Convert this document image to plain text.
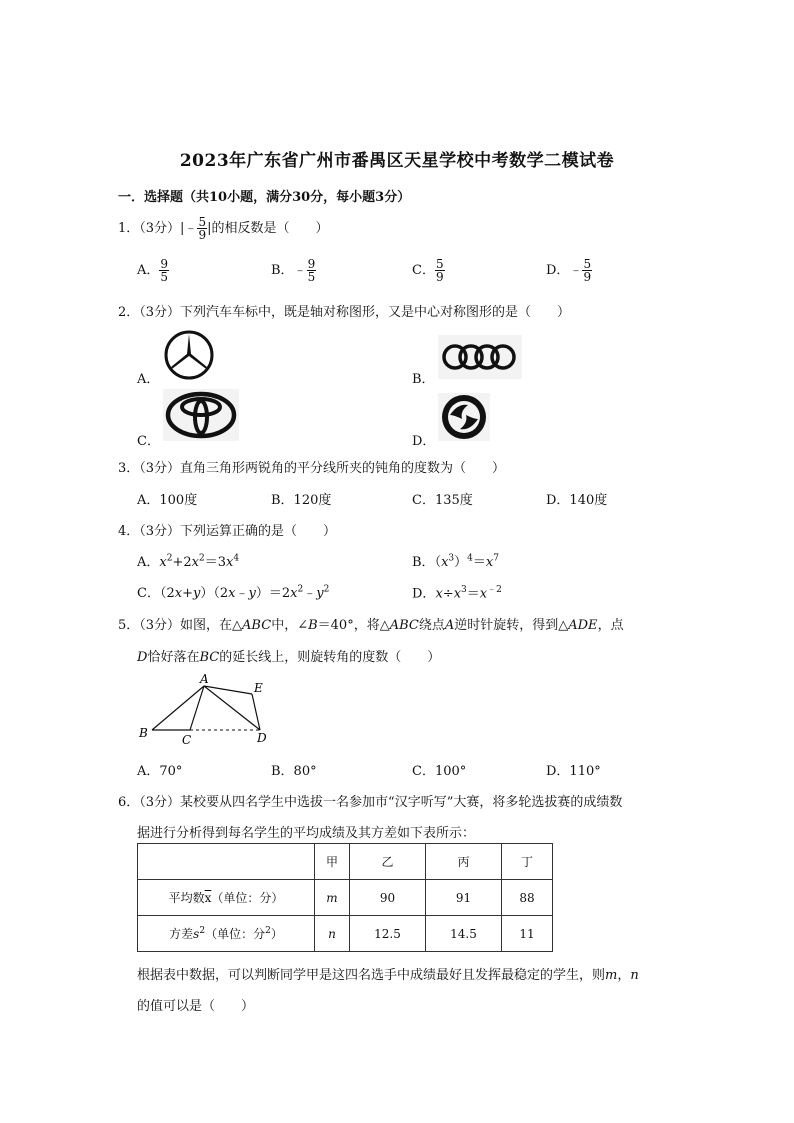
2023年广东省广州市番禺区天星学校中考数学二模试卷
一．选择题（共10小题，满分30分，每小题3分）
1．（3分）|﹣ $\frac{5}{9}$ |的相反数是（　　）
A． $\frac{9}{5}$	B．﹣ $\frac{9}{5}$	C． $\frac{5}{9}$	D．﹣ $\frac{5}{9}$
2．（3分）下列汽车车标中，既是轴对称图形，又是中心对称图形的是（　　）
A．	B．
C．	D．
3．（3分）直角三角形两锐角的平分线所夹的钝角的度数为（　　）
A．100度	B．120度	C．135度	D．140度
4．（3分）下列运算正确的是（　　）
A．$x^2+2x^2=3x^4$	B．$(x^3)^4=x^7$
C．$(2x+y)(2x﹣y)=2x^2﹣y^2$	D．$x\div x^3=x^{﹣2}$
5．（3分）如图，在△ABC中，∠B＝40°，将△ABC绕点A逆时针旋转，得到△ADE，点
D恰好落在BC的延长线上，则旋转角的度数（　　）
A
E
B	C	D
A．70°	B．80°	C．100°	D．110°
6．（3分）某校要从四名学生中选拔一名参加市“汉字听写”大赛，将多轮选拔赛的成绩数
据进行分析得到每名学生的平均成绩及其方差如下表所示：
	甲	乙	丙	丁
平均数$\overline{x}$（单位：分）	m	90	91	88
方差$s^2$（单位：分$^2$）	n	12.5	14.5	11
根据表中数据，可以判断同学甲是这四名选手中成绩最好且发挥最稳定的学生，则m，n
的值可以是（　　）
